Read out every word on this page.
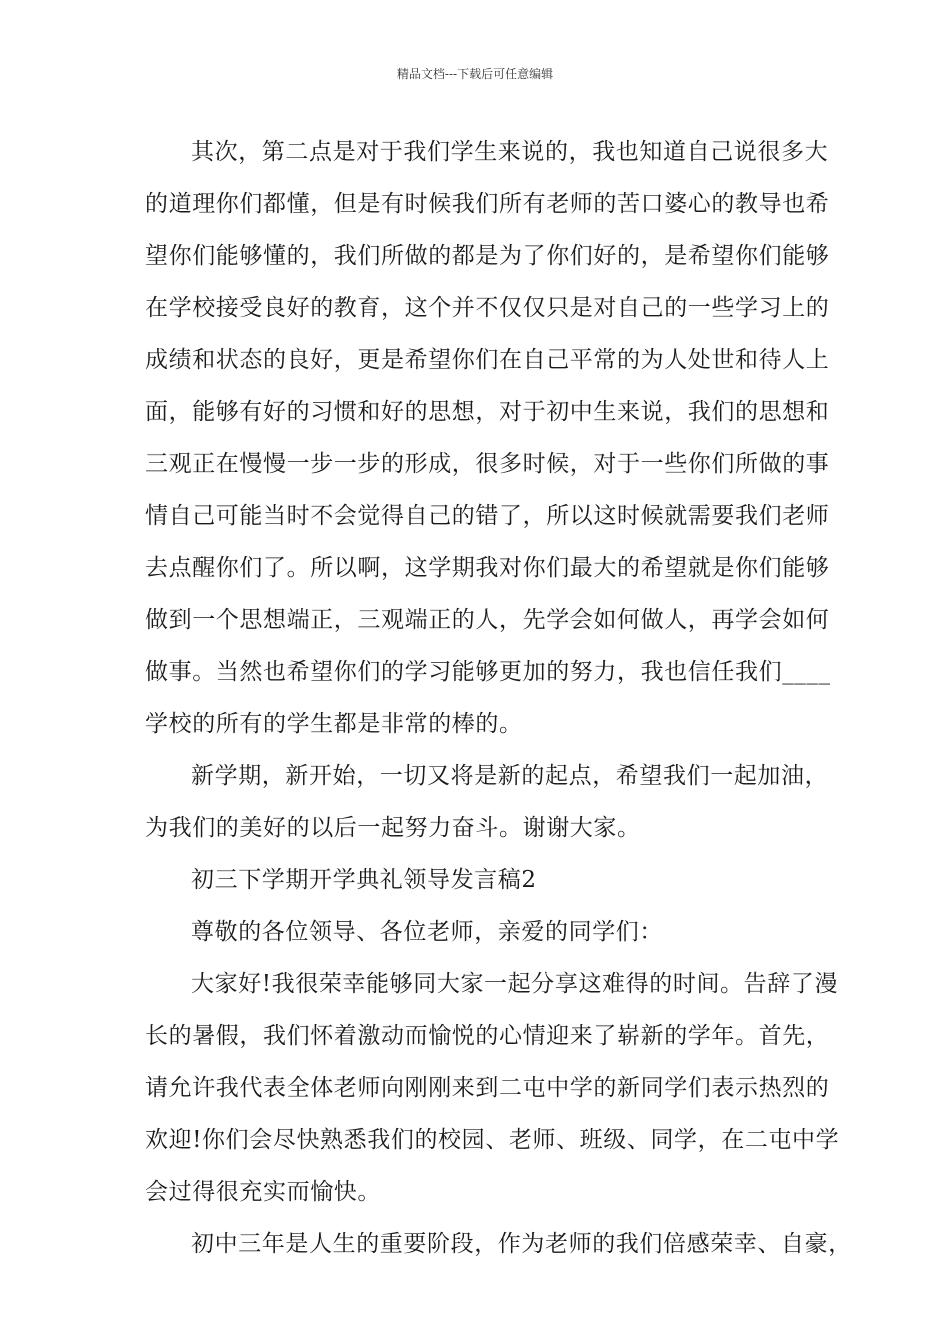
精品文档---下载后可任意编辑
其次，第二点是对于我们学生来说的，我也知道自己说很多大
的道理你们都懂，但是有时候我们所有老师的苦口婆心的教导也希
望你们能够懂的，我们所做的都是为了你们好的，是希望你们能够
在学校接受良好的教育，这个并不仅仅只是对自己的一些学习上的
成绩和状态的良好，更是希望你们在自己平常的为人处世和待人上
面，能够有好的习惯和好的思想，对于初中生来说，我们的思想和
三观正在慢慢一步一步的形成，很多时候，对于一些你们所做的事
情自己可能当时不会觉得自己的错了，所以这时候就需要我们老师
去点醒你们了。所以啊，这学期我对你们最大的希望就是你们能够
做到一个思想端正，三观端正的人，先学会如何做人，再学会如何
做事。当然也希望你们的学习能够更加的努力，我也信任我们____
学校的所有的学生都是非常的棒的。
新学期，新开始，一切又将是新的起点，希望我们一起加油，
为我们的美好的以后一起努力奋斗。谢谢大家。
初三下学期开学典礼领导发言稿2
尊敬的各位领导、各位老师，亲爱的同学们：
大家好!我很荣幸能够同大家一起分享这难得的时间。告辞了漫
长的暑假，我们怀着激动而愉悦的心情迎来了崭新的学年。首先，
请允许我代表全体老师向刚刚来到二屯中学的新同学们表示热烈的
欢迎!你们会尽快熟悉我们的校园、老师、班级、同学，在二屯中学
会过得很充实而愉快。
初中三年是人生的重要阶段，作为老师的我们倍感荣幸、自豪，
